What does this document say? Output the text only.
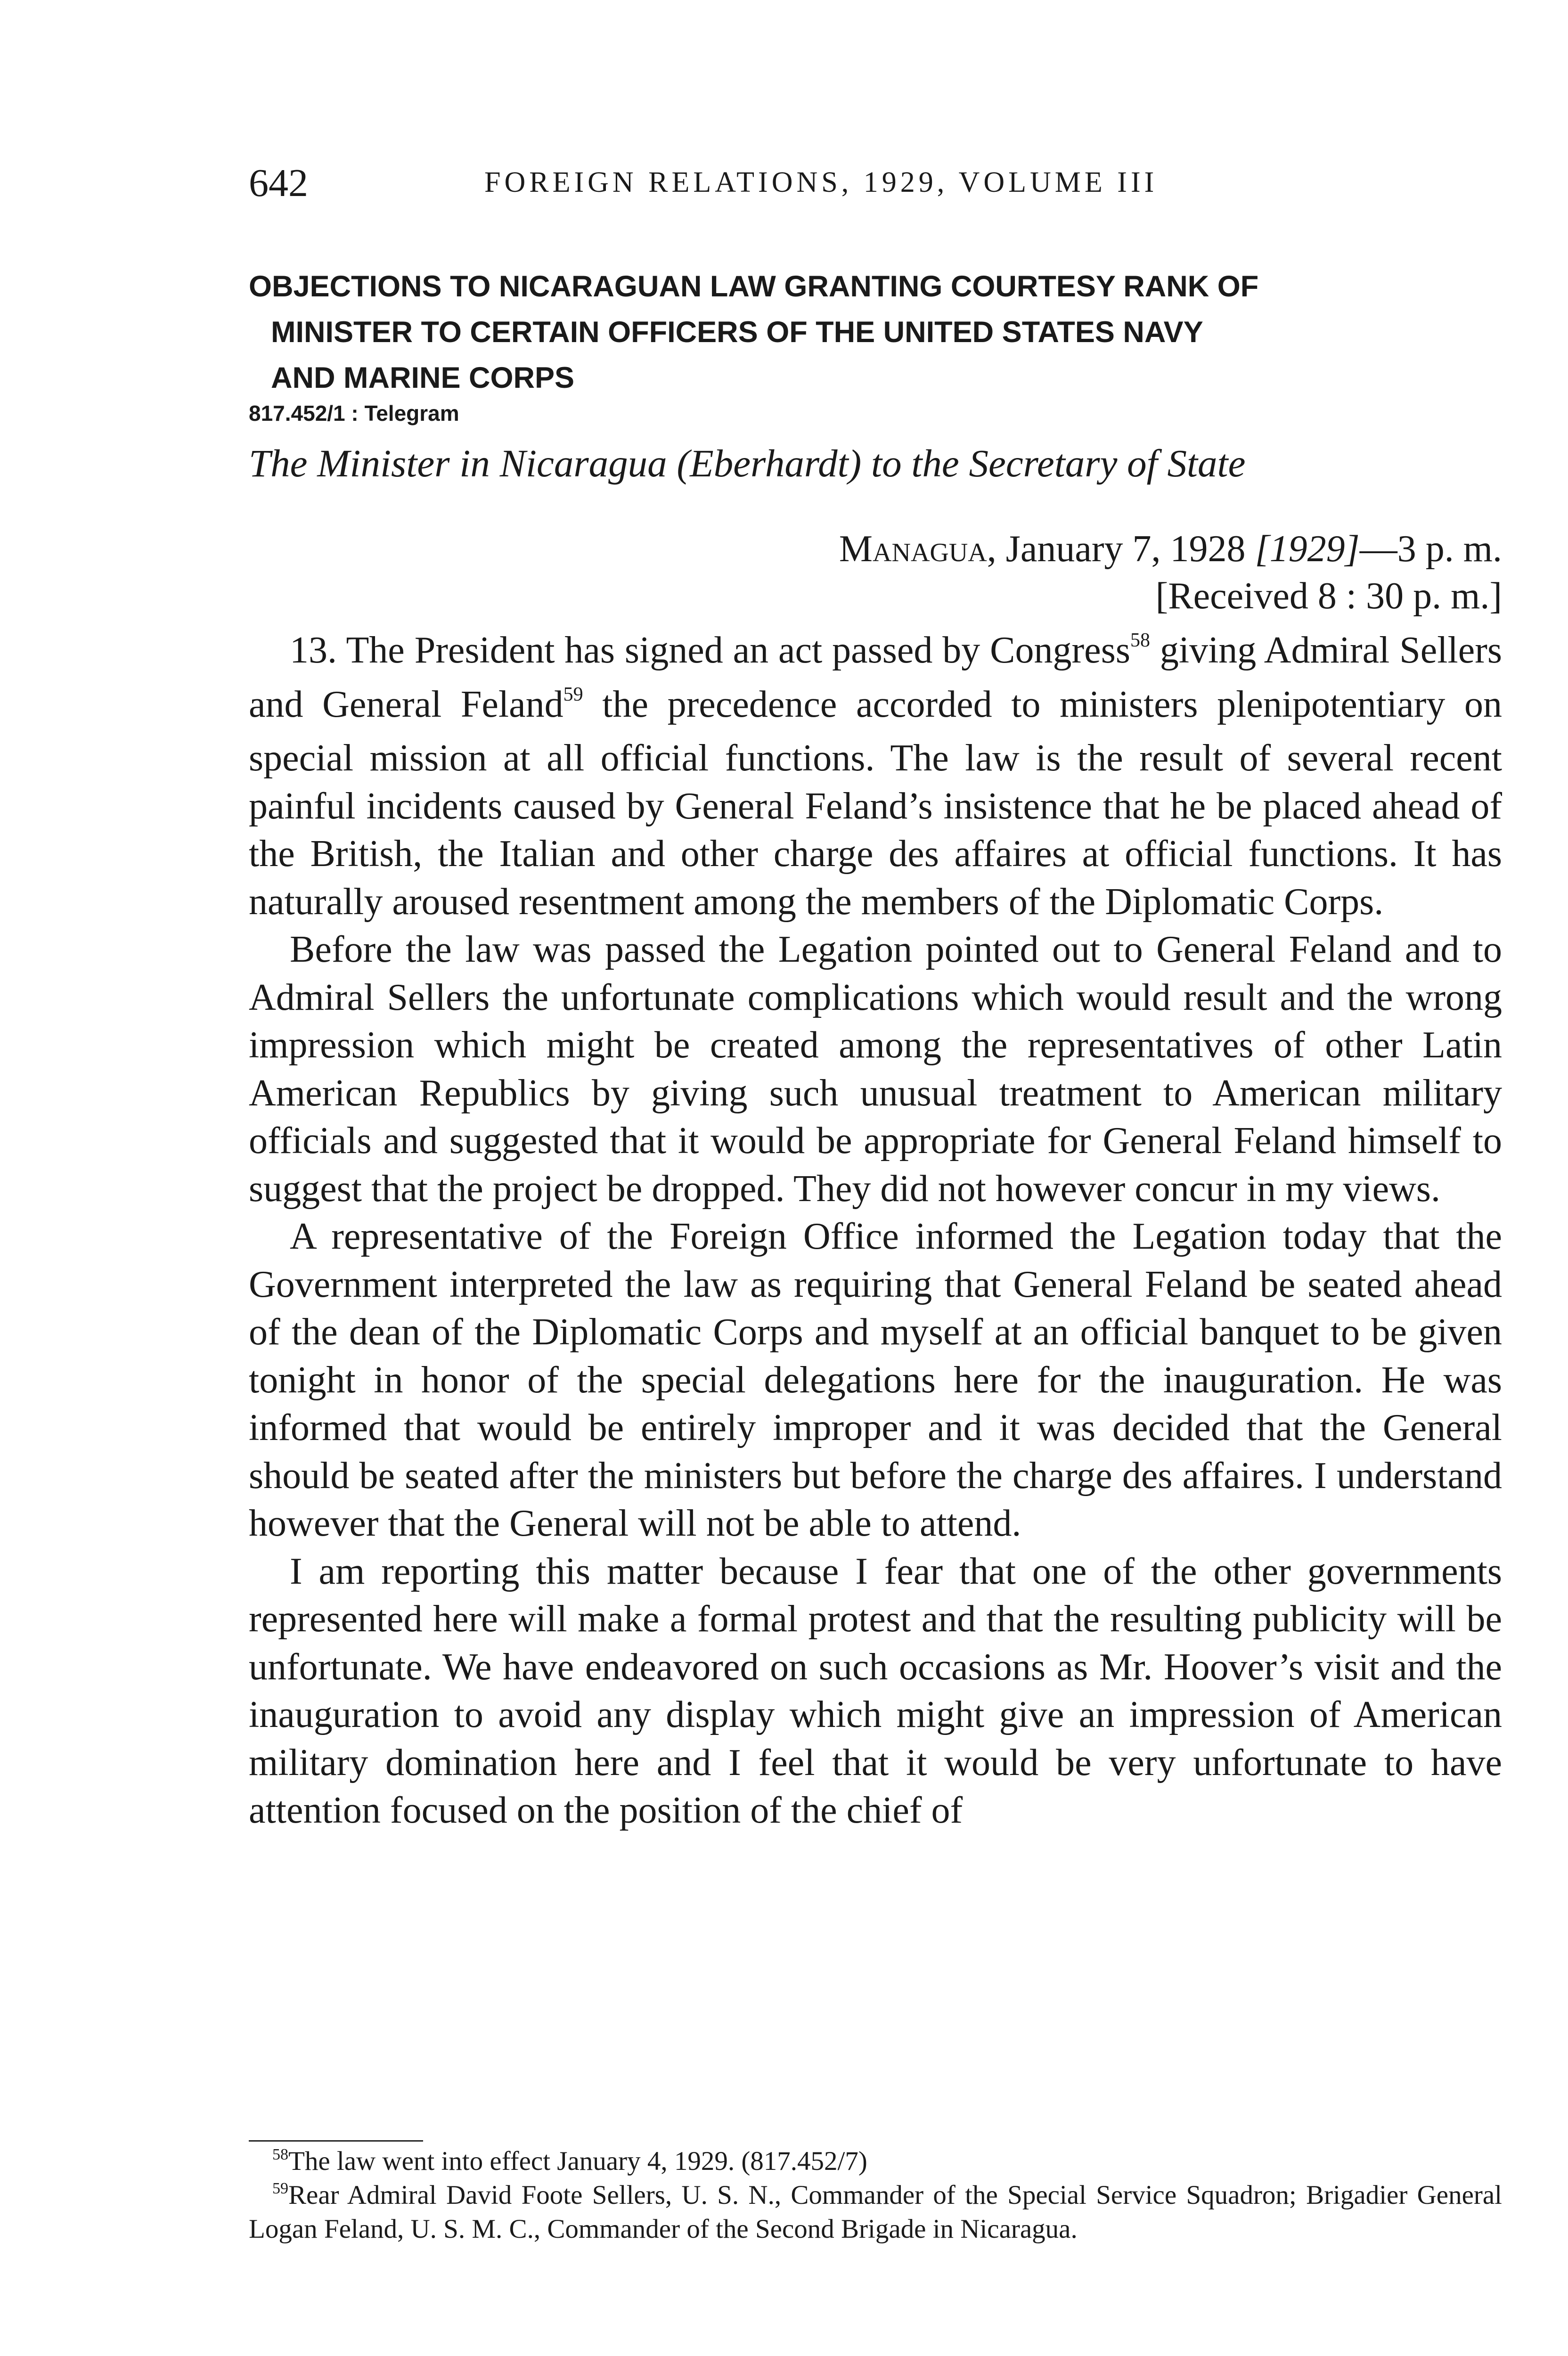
642	FOREIGN RELATIONS, 1929, VOLUME III
OBJECTIONS TO NICARAGUAN LAW GRANTING COURTESY RANK OF
MINISTER TO CERTAIN OFFICERS OF THE UNITED STATES NAVY
AND MARINE CORPS
817.452/1 : Telegram
The Minister in Nicaragua (Eberhardt) to the Secretary of State
Managua, January 7, 1928 [1929]—3 p. m.
[Received 8 : 30 p. m.]

13. The President has signed an act passed by Congress$^{58}$ giving Admiral Sellers and General Feland$^{59}$ the precedence accorded to ministers plenipotentiary on special mission at all official functions. The law is the result of several recent painful incidents caused by General Feland’s insistence that he be placed ahead of the British, the Italian and other charge des affaires at official functions. It has naturally aroused resentment among the members of the Diplomatic Corps.

Before the law was passed the Legation pointed out to General Feland and to Admiral Sellers the unfortunate complications which would result and the wrong impression which might be created among the representatives of other Latin American Republics by giving such unusual treatment to American military officials and suggested that it would be appropriate for General Feland himself to suggest that the project be dropped. They did not however concur in my views.

A representative of the Foreign Office informed the Legation today that the Government interpreted the law as requiring that General Feland be seated ahead of the dean of the Diplomatic Corps and myself at an official banquet to be given tonight in honor of the special delegations here for the inauguration. He was informed that would be entirely improper and it was decided that the General should be seated after the ministers but before the charge des affaires. I understand however that the General will not be able to attend.

I am reporting this matter because I fear that one of the other governments represented here will make a formal protest and that the resulting publicity will be unfortunate. We have endeavored on such occasions as Mr. Hoover’s visit and the inauguration to avoid any display which might give an impression of American military domination here and I feel that it would be very unfortunate to have attention focused on the position of the chief of

$^{58}$The law went into effect January 4, 1929. (817.452/7)

$^{59}$Rear Admiral David Foote Sellers, U. S. N., Commander of the Special Service Squadron; Brigadier General Logan Feland, U. S. M. C., Commander of the Second Brigade in Nicaragua.
